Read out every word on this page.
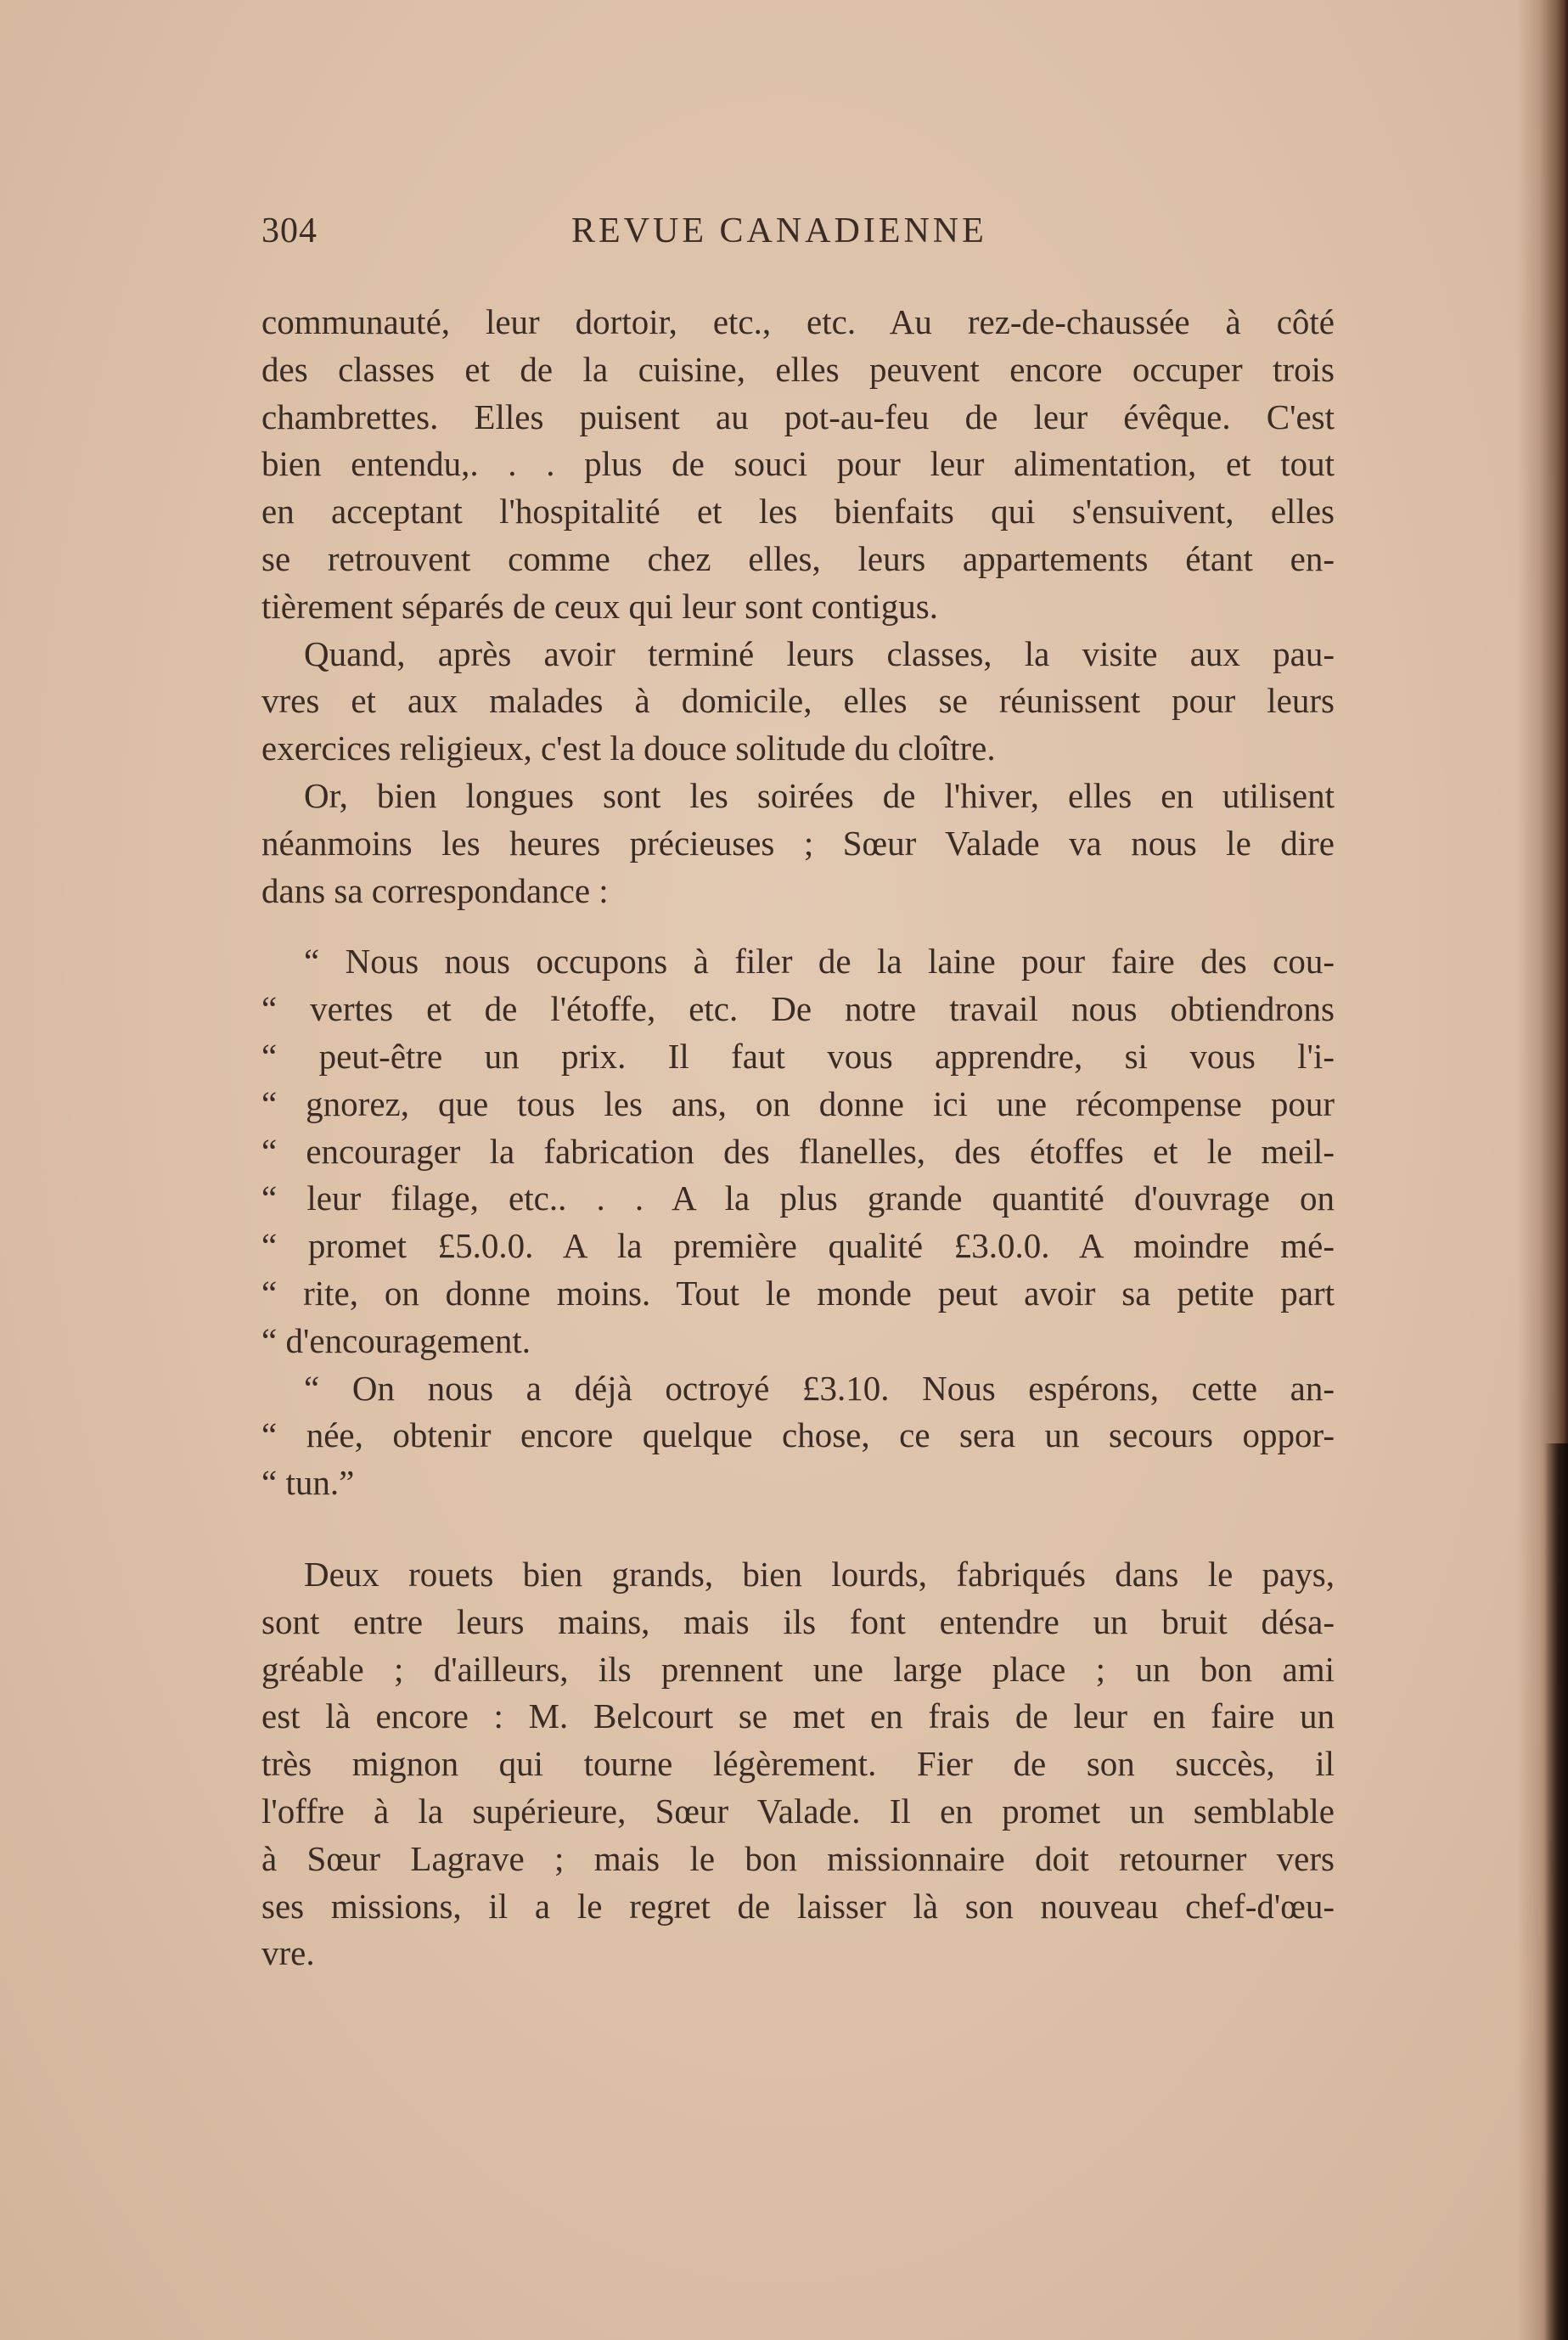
304	REVUE CANADIENNE
communauté, leur dortoir, etc., etc. Au rez-de-chaussée à côté
des classes et de la cuisine, elles peuvent encore occuper trois
chambrettes. Elles puisent au pot-au-feu de leur évêque. C'est
bien entendu,. . . plus de souci pour leur alimentation, et tout
en acceptant l'hospitalité et les bienfaits qui s'ensuivent, elles
se retrouvent comme chez elles, leurs appartements étant en-
tièrement séparés de ceux qui leur sont contigus.
Quand, après avoir terminé leurs classes, la visite aux pau-
vres et aux malades à domicile, elles se réunissent pour leurs
exercices religieux, c'est la douce solitude du cloître.
Or, bien longues sont les soirées de l'hiver, elles en utilisent
néanmoins les heures précieuses ; Sœur Valade va nous le dire
dans sa correspondance :
“ Nous nous occupons à filer de la laine pour faire des cou-
“ vertes et de l'étoffe, etc. De notre travail nous obtiendrons
“ peut-être un prix. Il faut vous apprendre, si vous l'i-
“ gnorez, que tous les ans, on donne ici une récompense pour
“ encourager la fabrication des flanelles, des étoffes et le meil-
“ leur filage, etc.. . . A la plus grande quantité d'ouvrage on
“ promet £5.0.0. A la première qualité £3.0.0. A moindre mé-
“ rite, on donne moins. Tout le monde peut avoir sa petite part
“ d'encouragement.
“ On nous a déjà octroyé £3.10. Nous espérons, cette an-
“ née, obtenir encore quelque chose, ce sera un secours oppor-
“ tun.”
Deux rouets bien grands, bien lourds, fabriqués dans le pays,
sont entre leurs mains, mais ils font entendre un bruit désa-
gréable ; d'ailleurs, ils prennent une large place ; un bon ami
est là encore : M. Belcourt se met en frais de leur en faire un
très mignon qui tourne légèrement. Fier de son succès, il
l'offre à la supérieure, Sœur Valade. Il en promet un semblable
à Sœur Lagrave ; mais le bon missionnaire doit retourner vers
ses missions, il a le regret de laisser là son nouveau chef-d'œu-
vre.
